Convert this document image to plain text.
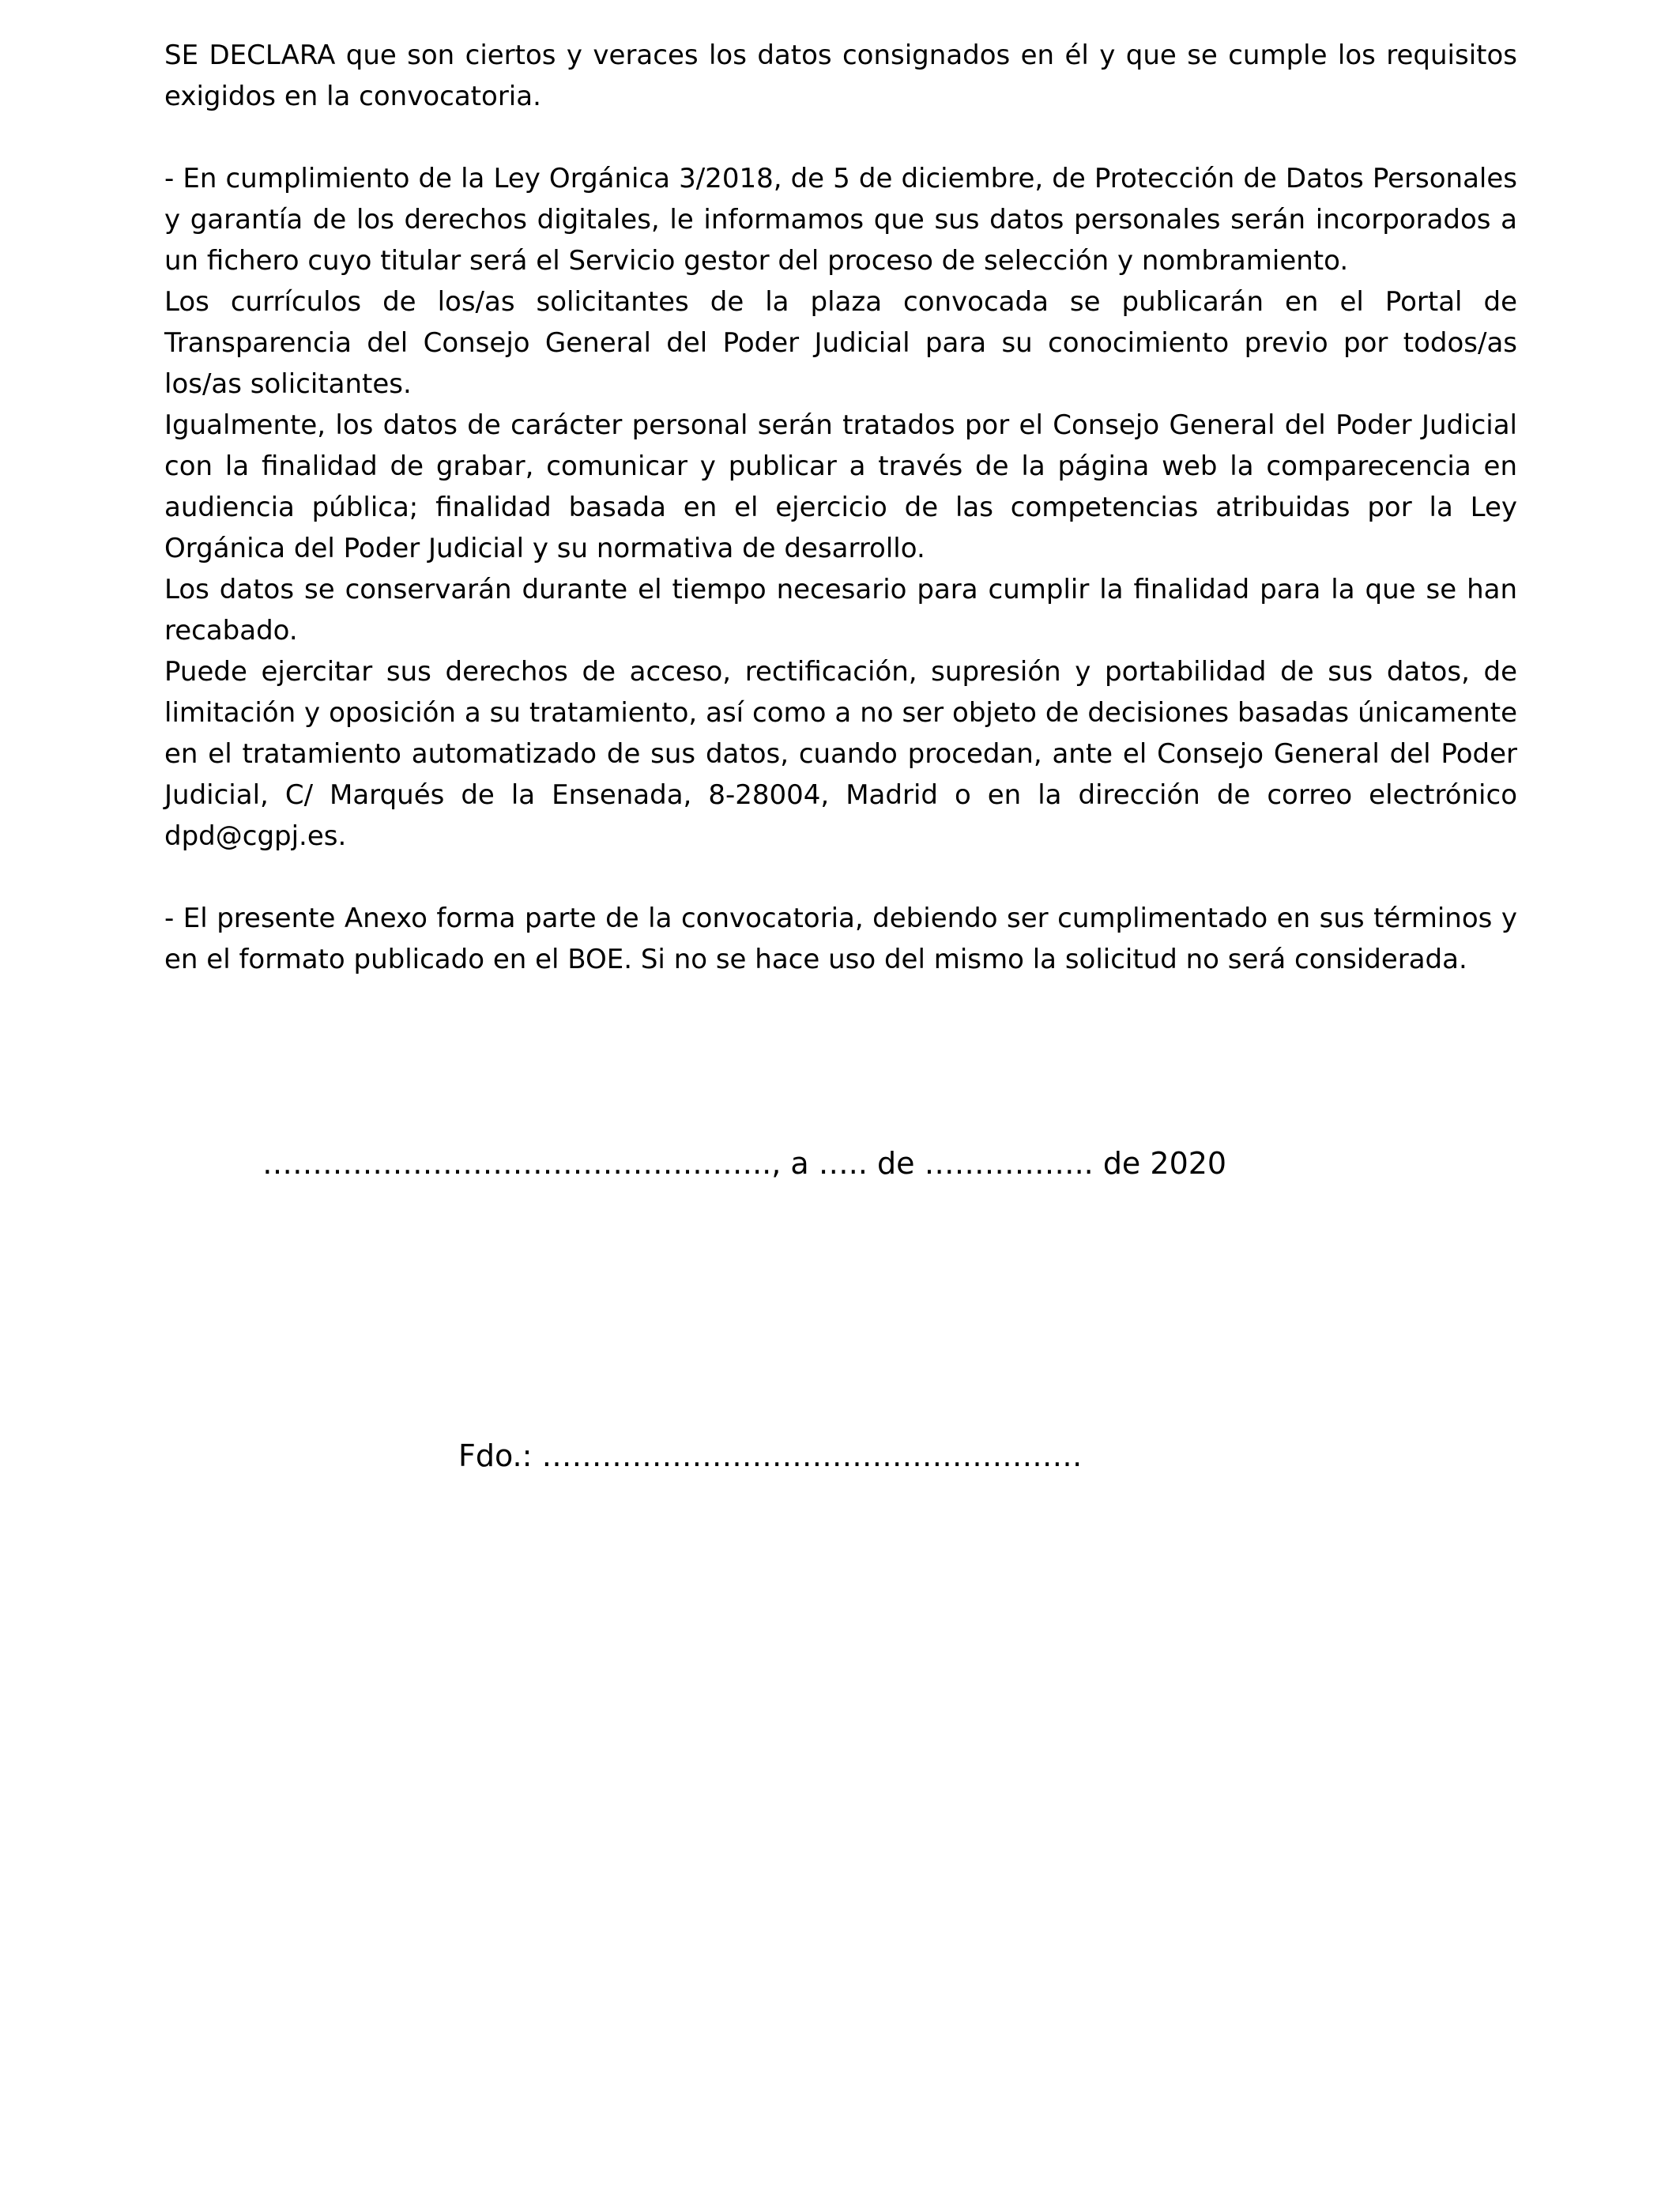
SE DECLARA que son ciertos y veraces los datos consignados en él y que se cumple los requisitos exigidos en la convocatoria.

- En cumplimiento de la Ley Orgánica 3/2018, de 5 de diciembre, de Protección de Datos Personales y garantía de los derechos digitales, le informamos que sus datos personales serán incorporados a un fichero cuyo titular será el Servicio gestor del proceso de selección y nombramiento.

Los currículos de los/as solicitantes de la plaza convocada se publicarán en el Portal de Transparencia del Consejo General del Poder Judicial para su conocimiento previo por todos/as los/as solicitantes.

Igualmente, los datos de carácter personal serán tratados por el Consejo General del Poder Judicial con la finalidad de grabar, comunicar y publicar a través de la página web la comparecencia en audiencia pública; finalidad basada en el ejercicio de las competencias atribuidas por la Ley Orgánica del Poder Judicial y su normativa de desarrollo.

Los datos se conservarán durante el tiempo necesario para cumplir la finalidad para la que se han recabado.

Puede ejercitar sus derechos de acceso, rectificación, supresión y portabilidad de sus datos, de limitación y oposición a su tratamiento, así como a no ser objeto de decisiones basadas únicamente en el tratamiento automatizado de sus datos, cuando procedan, ante el Consejo General del Poder Judicial, C/ Marqués de la Ensenada, 8-28004, Madrid o en la dirección de correo electrónico dpd@cgpj.es.

- El presente Anexo forma parte de la convocatoria, debiendo ser cumplimentado en sus términos y en el formato publicado en el BOE. Si no se hace uso del mismo la solicitud no será considerada.

…………………………………….…….., a ….. de …………….. de 2020
Fdo.: ………………………………………………
